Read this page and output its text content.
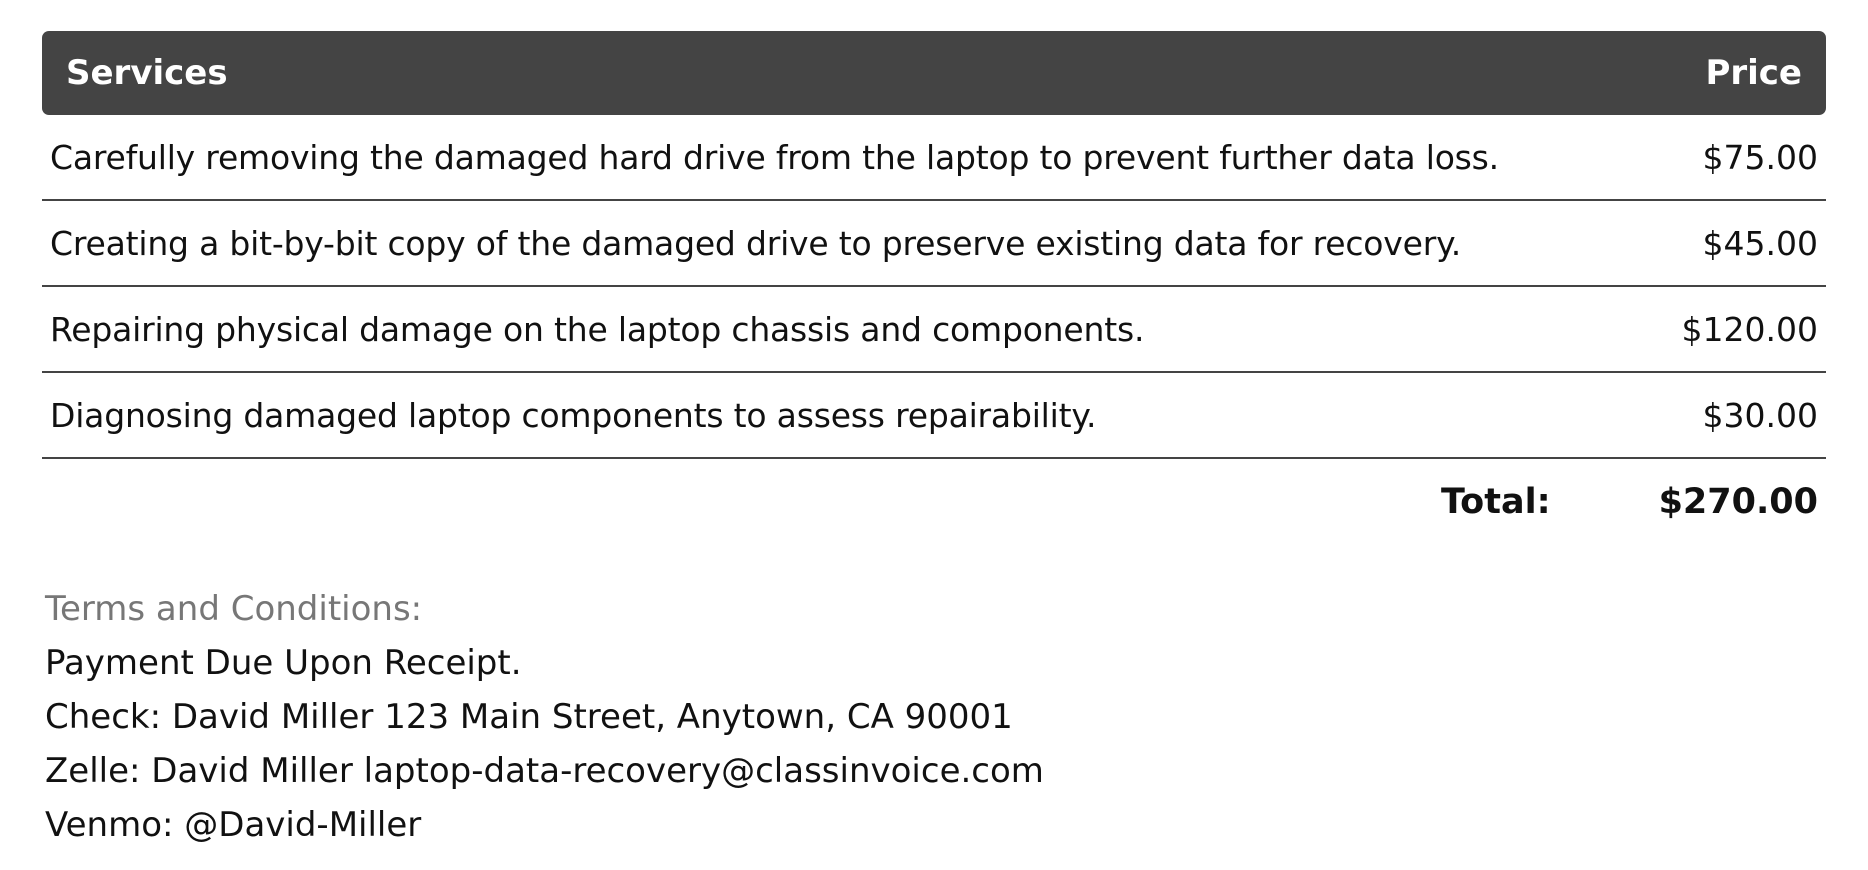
Services	Price
Carefully removing the damaged hard drive from the laptop to prevent further data loss.	$75.00
Creating a bit-by-bit copy of the damaged drive to preserve existing data for recovery.	$45.00
Repairing physical damage on the laptop chassis and components.	$120.00
Diagnosing damaged laptop components to assess repairability.	$30.00
Total:	$270.00
Terms and Conditions:
Payment Due Upon Receipt.
Check: David Miller 123 Main Street, Anytown, CA 90001
Zelle: David Miller laptop-data-recovery@classinvoice.com
Venmo: @David-Miller
